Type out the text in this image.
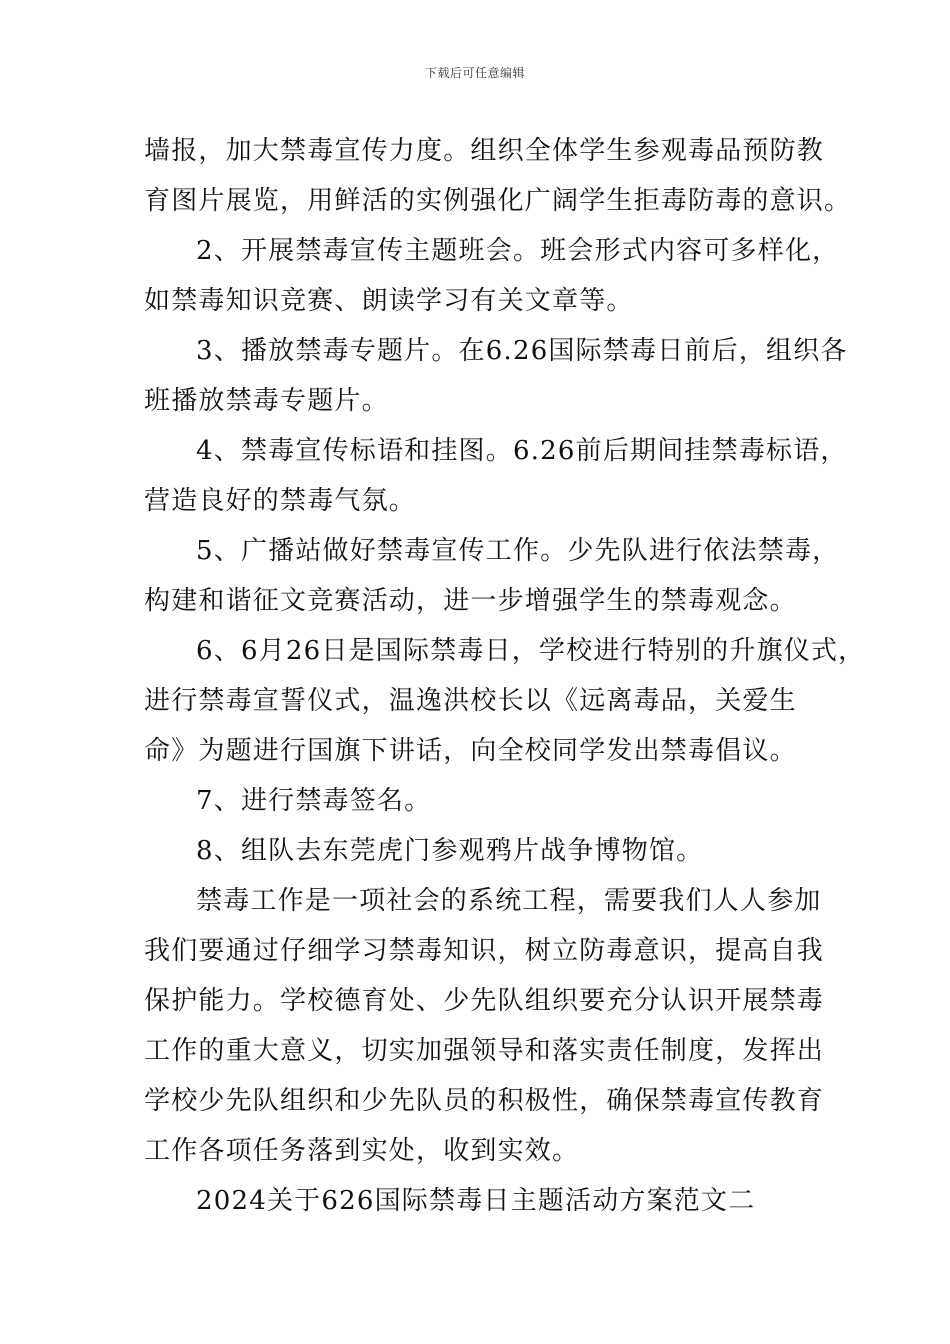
下载后可任意编辑
墙报，加大禁毒宣传力度。组织全体学生参观毒品预防教
育图片展览，用鲜活的实例强化广阔学生拒毒防毒的意识。
2、开展禁毒宣传主题班会。班会形式内容可多样化，
如禁毒知识竞赛、朗读学习有关文章等。
3、播放禁毒专题片。在6.26国际禁毒日前后，组织各
班播放禁毒专题片。
4、禁毒宣传标语和挂图。6.26前后期间挂禁毒标语，
营造良好的禁毒气氛。
5、广播站做好禁毒宣传工作。少先队进行依法禁毒，
构建和谐征文竞赛活动，进一步增强学生的禁毒观念。
6、6月26日是国际禁毒日，学校进行特别的升旗仪式，
进行禁毒宣誓仪式，温逸洪校长以《远离毒品，关爱生
命》为题进行国旗下讲话，向全校同学发出禁毒倡议。
7、进行禁毒签名。
8、组队去东莞虎门参观鸦片战争博物馆。
禁毒工作是一项社会的系统工程，需要我们人人参加
我们要通过仔细学习禁毒知识，树立防毒意识，提高自我
保护能力。学校德育处、少先队组织要充分认识开展禁毒
工作的重大意义，切实加强领导和落实责任制度，发挥出
学校少先队组织和少先队员的积极性，确保禁毒宣传教育
工作各项任务落到实处，收到实效。
2024关于626国际禁毒日主题活动方案范文二
